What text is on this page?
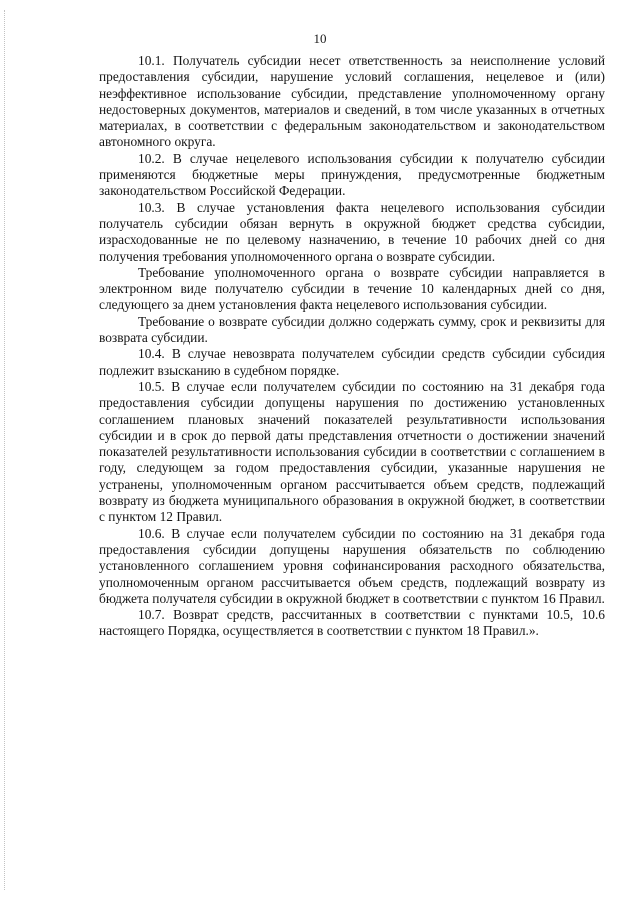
10

10.1. Получатель субсидии несет ответственность за неисполнение условий предоставления субсидии, нарушение условий соглашения, нецелевое и (или) неэффективное использование субсидии, представление уполномоченному органу недостоверных документов, материалов и сведений, в том числе указанных в отчетных материалах, в соответствии с федеральным законодательством и законодательством автономного округа.

10.2. В случае нецелевого использования субсидии к получателю субсидии применяются бюджетные меры принуждения, предусмотренные бюджетным законодательством Российской Федерации.

10.3. В случае установления факта нецелевого использования субсидии получатель субсидии обязан вернуть в окружной бюджет средства субсидии, израсходованные не по целевому назначению, в течение 10 рабочих дней со дня получения требования уполномоченного органа о возврате субсидии.

Требование уполномоченного органа о возврате субсидии направляется в электронном виде получателю субсидии в течение 10 календарных дней со дня, следующего за днем установления факта нецелевого использования субсидии.

Требование о возврате субсидии должно содержать сумму, срок и реквизиты для возврата субсидии.

10.4. В случае невозврата получателем субсидии средств субсидии субсидия подлежит взысканию в судебном порядке.

10.5. В случае если получателем субсидии по состоянию на 31 декабря года предоставления субсидии допущены нарушения по достижению установленных соглашением плановых значений показателей результативности использования субсидии и в срок до первой даты представления отчетности о достижении значений показателей результативности использования субсидии в соответствии с соглашением в году, следующем за годом предоставления субсидии, указанные нарушения не устранены, уполномоченным органом рассчитывается объем средств, подлежащий возврату из бюджета муниципального образования в окружной бюджет, в соответствии с пунктом 12 Правил.

10.6. В случае если получателем субсидии по состоянию на 31 декабря года предоставления субсидии допущены нарушения обязательств по соблюдению установленного соглашением уровня софинансирования расходного обязательства, уполномоченным органом рассчитывается объем средств, подлежащий возврату из бюджета получателя субсидии в окружной бюджет в соответствии с пунктом 16 Правил.

10.7. Возврат средств, рассчитанных в соответствии с пунктами 10.5, 10.6 настоящего Порядка, осуществляется в соответствии с пунктом 18 Правил.».
